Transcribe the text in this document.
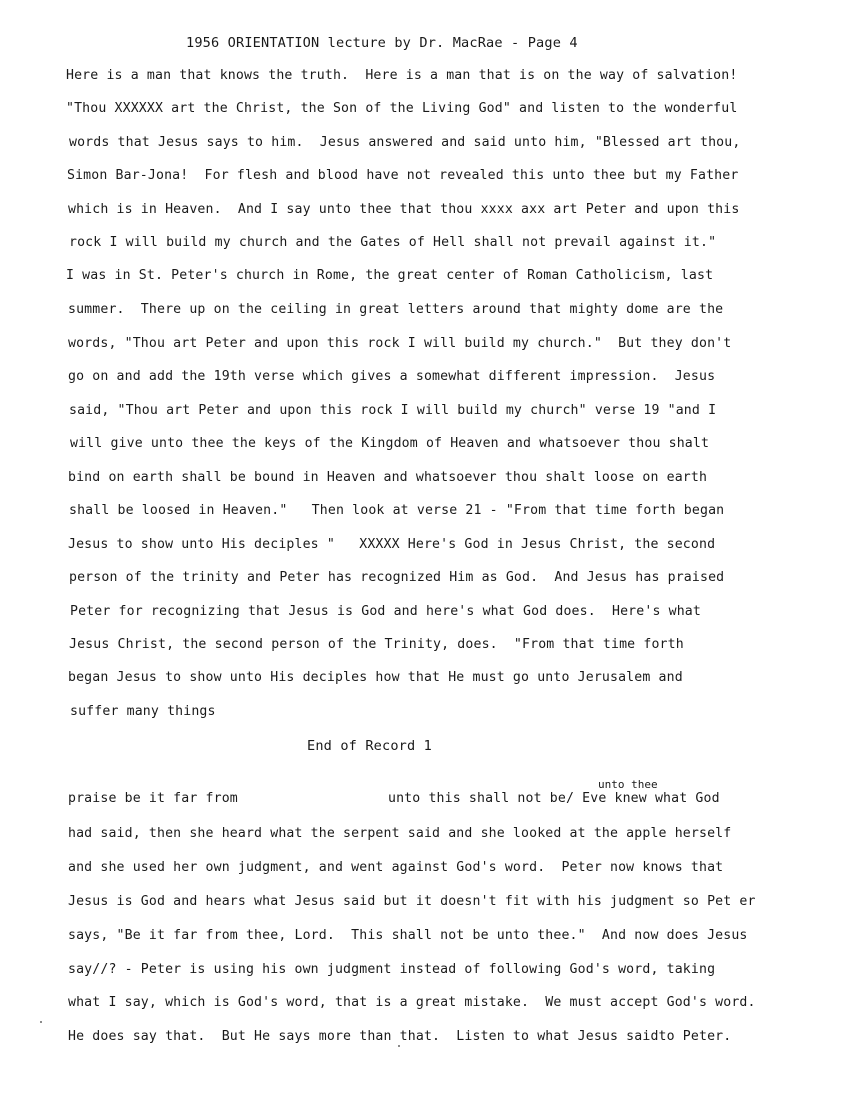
1956 ORIENTATION lecture by Dr. MacRae - Page 4
Here is a man that knows the truth.  Here is a man that is on the way of salvation!
"Thou XXXXXX art the Christ, the Son of the Living God" and listen to the wonderful
words that Jesus says to him.  Jesus answered and said unto him, "Blessed art thou,
Simon Bar-Jona!  For flesh and blood have not revealed this unto thee but my Father
which is in Heaven.  And I say unto thee that thou xxxx axx art Peter and upon this
rock I will build my church and the Gates of Hell shall not prevail against it."
I was in St. Peter's church in Rome, the great center of Roman Catholicism, last
summer.  There up on the ceiling in great letters around that mighty dome are the
words, "Thou art Peter and upon this rock I will build my church."  But they don't
go on and add the 19th verse which gives a somewhat different impression.  Jesus
said, "Thou art Peter and upon this rock I will build my church" verse 19 "and I
will give unto thee the keys of the Kingdom of Heaven and whatsoever thou shalt
bind on earth shall be bound in Heaven and whatsoever thou shalt loose on earth
shall be loosed in Heaven."   Then look at verse 21 - "From that time forth began
Jesus to show unto His deciples "   XXXXX Here's God in Jesus Christ, the second
person of the trinity and Peter has recognized Him as God.  And Jesus has praised
Peter for recognizing that Jesus is God and here's what God does.  Here's what
Jesus Christ, the second person of the Trinity, does.  "From that time forth
began Jesus to show unto His deciples how that He must go unto Jerusalem and
suffer many things
End of Record 1
praise be it far from	unto this shall not be/ Eve knew what God
unto thee
had said, then she heard what the serpent said and she looked at the apple herself
and she used her own judgment, and went against God's word.  Peter now knows that
Jesus is God and hears what Jesus said but it doesn't fit with his judgment so Pet er
says, "Be it far from thee, Lord.  This shall not be unto thee."  And now does Jesus
say//? - Peter is using his own judgment instead of following God's word, taking
what I say, which is God's word, that is a great mistake.  We must accept God's word.
He does say that.  But He says more than that.  Listen to what Jesus saidto Peter.
